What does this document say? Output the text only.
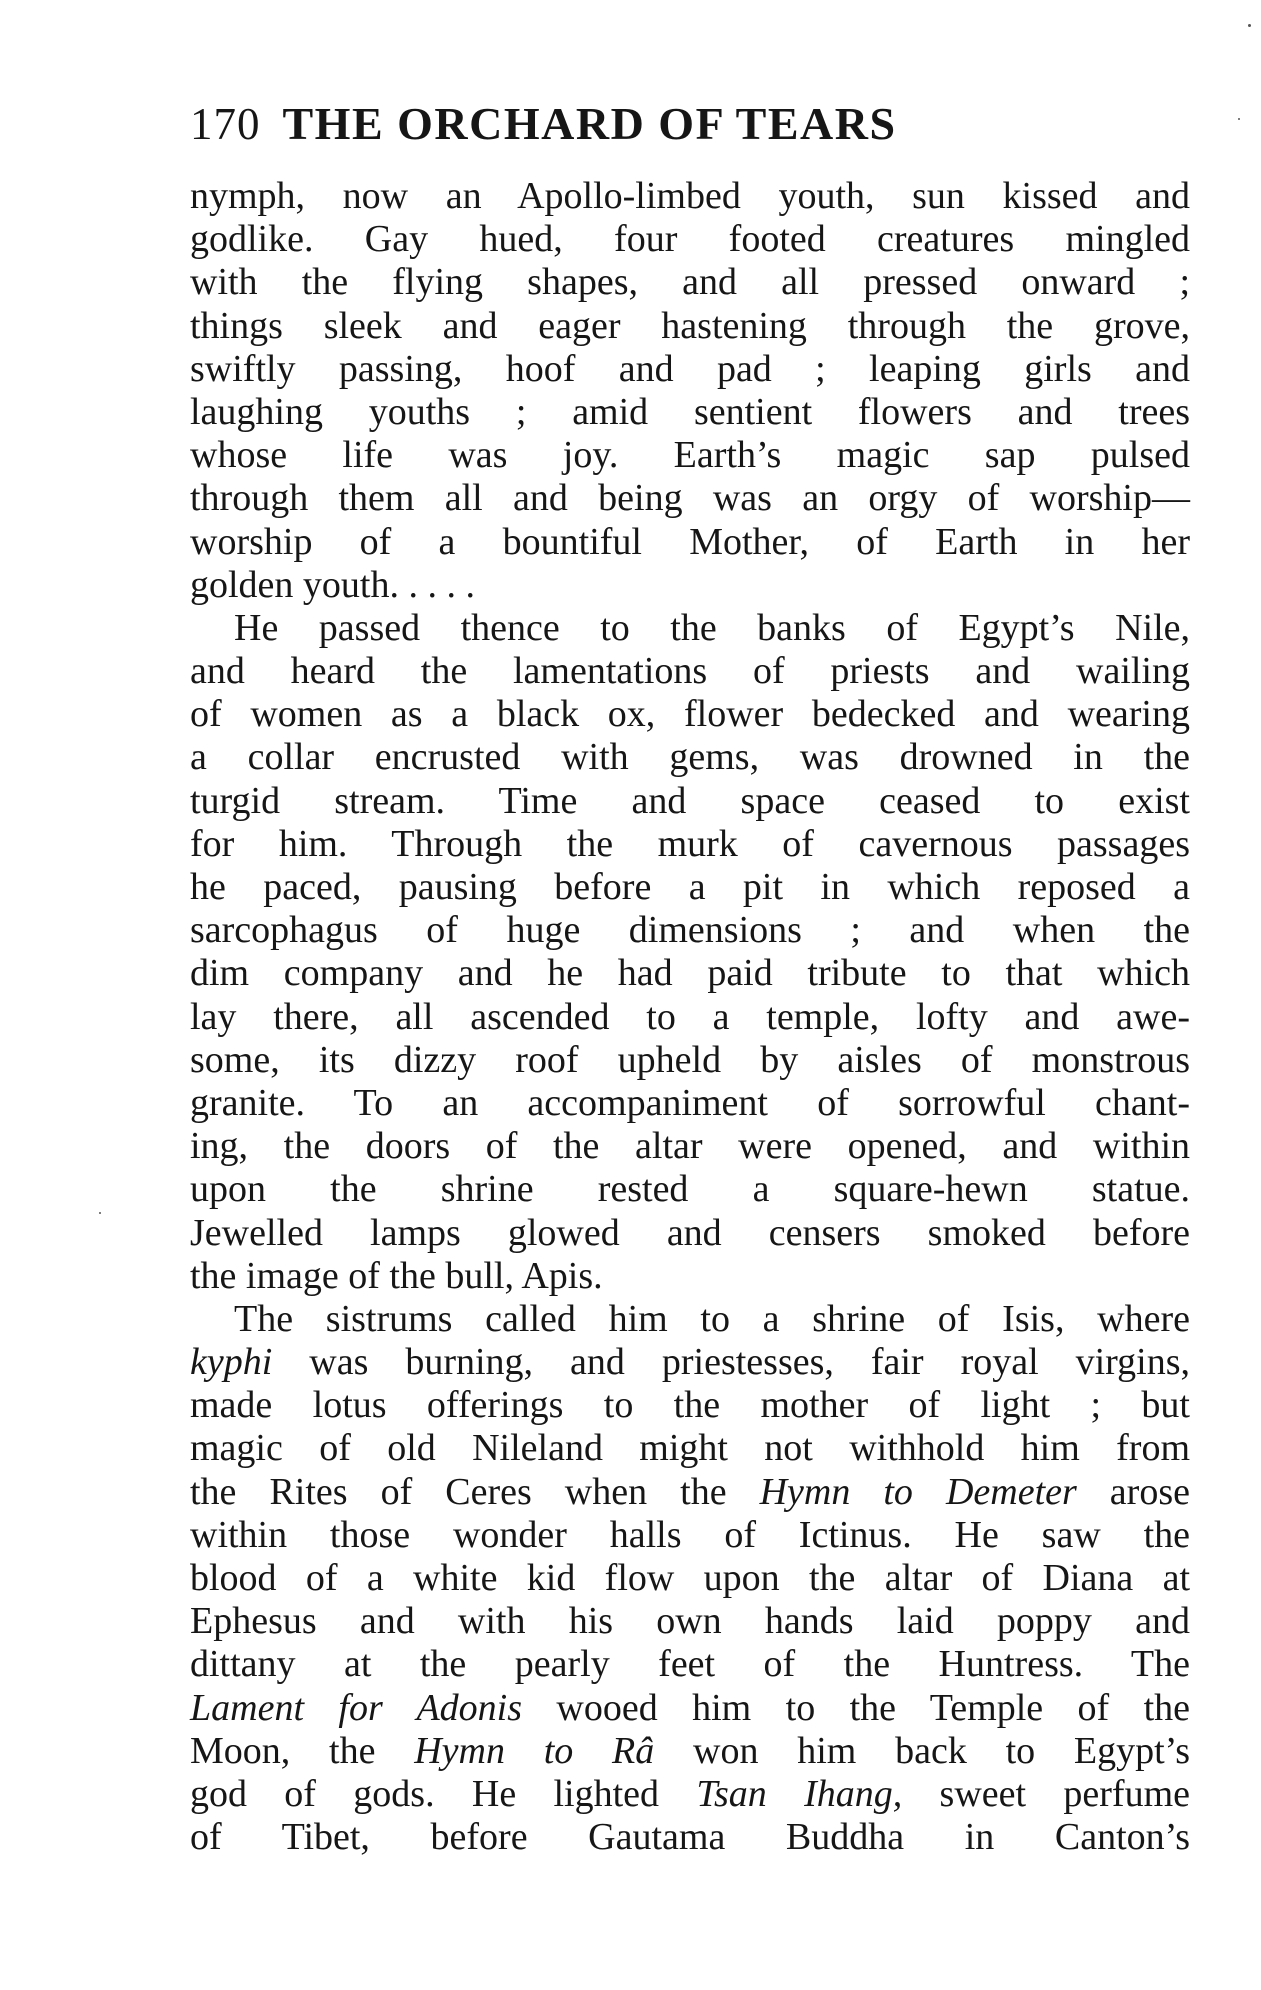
170 THE ORCHARD OF TEARS
nymph, now an Apollo-limbed youth, sun kissed and
godlike. Gay hued, four footed creatures mingled
with the flying shapes, and all pressed onward ;
things sleek and eager hastening through the grove,
swiftly passing, hoof and pad ; leaping girls and
laughing youths ; amid sentient flowers and trees
whose life was joy. Earth’s magic sap pulsed
through them all and being was an orgy of worship—
worship of a bountiful Mother, of Earth in her
golden youth. . . . .
He passed thence to the banks of Egypt’s Nile,
and heard the lamentations of priests and wailing
of women as a black ox, flower bedecked and wearing
a collar encrusted with gems, was drowned in the
turgid stream. Time and space ceased to exist
for him. Through the murk of cavernous passages
he paced, pausing before a pit in which reposed a
sarcophagus of huge dimensions ; and when the
dim company and he had paid tribute to that which
lay there, all ascended to a temple, lofty and awe-
some, its dizzy roof upheld by aisles of monstrous
granite. To an accompaniment of sorrowful chant-
ing, the doors of the altar were opened, and within
upon the shrine rested a square-hewn statue.
Jewelled lamps glowed and censers smoked before
the image of the bull, Apis.
The sistrums called him to a shrine of Isis, where
kyphi was burning, and priestesses, fair royal virgins,
made lotus offerings to the mother of light ; but
magic of old Nileland might not withhold him from
the Rites of Ceres when the Hymn to Demeter arose
within those wonder halls of Ictinus. He saw the
blood of a white kid flow upon the altar of Diana at
Ephesus and with his own hands laid poppy and
dittany at the pearly feet of the Huntress. The
Lament for Adonis wooed him to the Temple of the
Moon, the Hymn to Râ won him back to Egypt’s
god of gods. He lighted Tsan Ihang, sweet perfume
of Tibet, before Gautama Buddha in Canton’s
